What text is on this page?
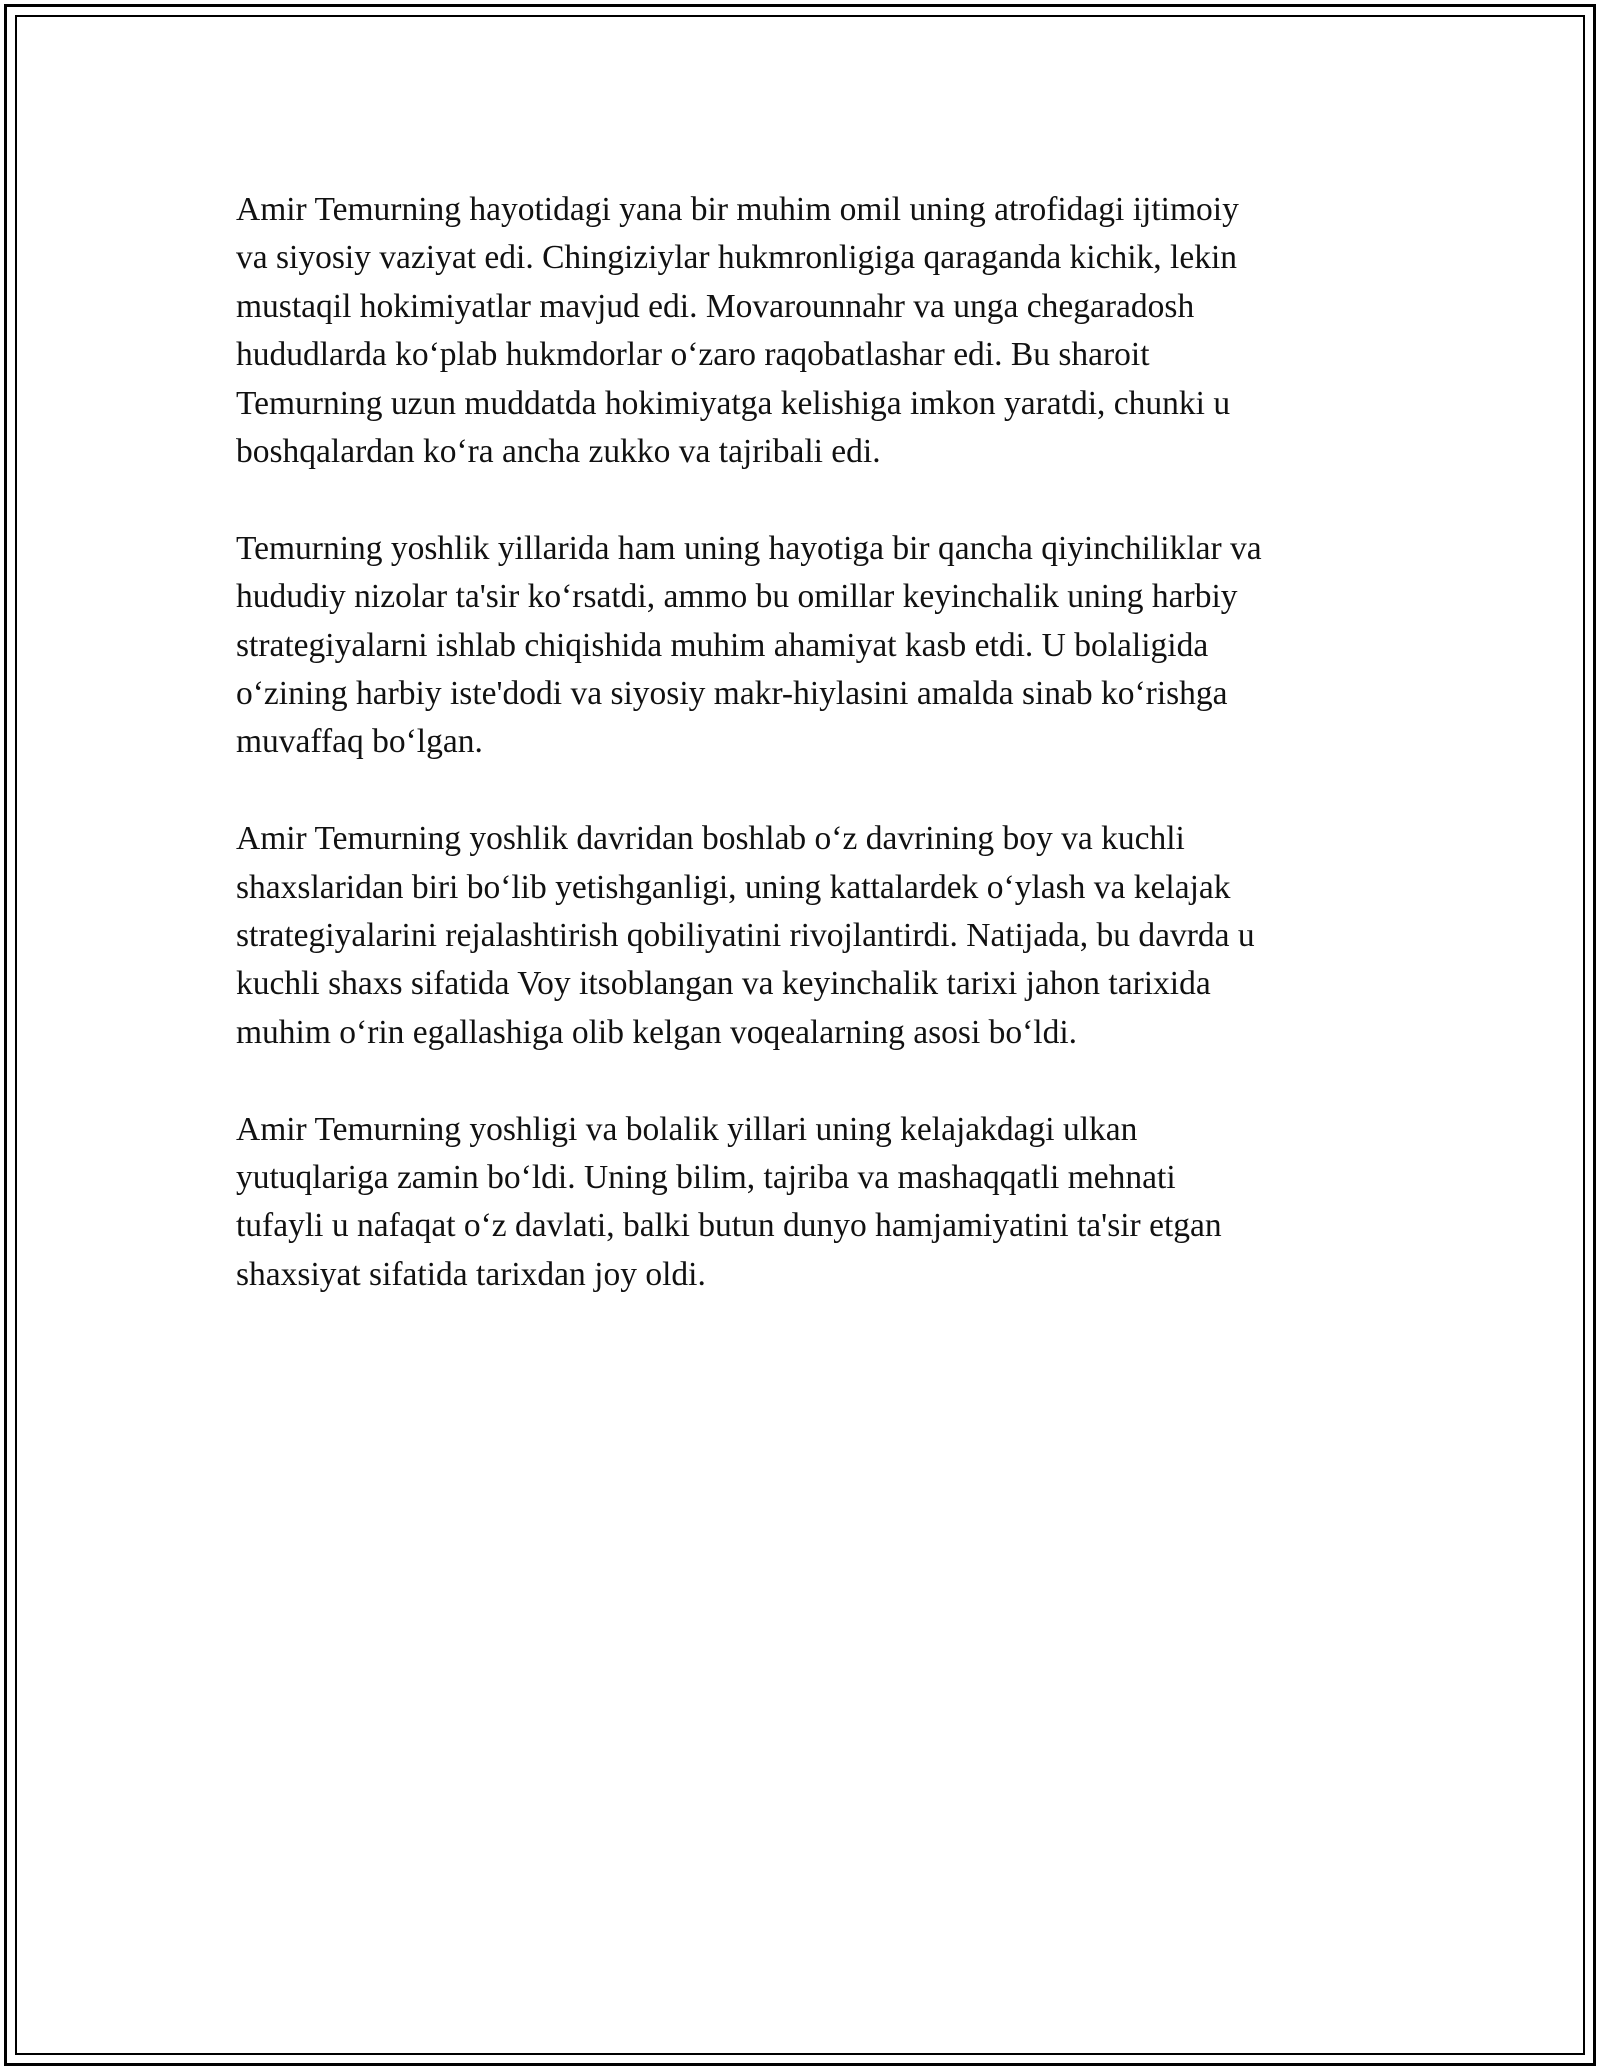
Amir Temurning hayotidagi yana bir muhim omil uning atrofidagi ijtimoiy
va siyosiy vaziyat edi. Chingiziylar hukmronligiga qaraganda kichik, lekin
mustaqil hokimiyatlar mavjud edi. Movarounnahr va unga chegaradosh
hududlarda ko‘plab hukmdorlar o‘zaro raqobatlashar edi. Bu sharoit
Temurning uzun muddatda hokimiyatga kelishiga imkon yaratdi, chunki u
boshqalardan ko‘ra ancha zukko va tajribali edi.

Temurning yoshlik yillarida ham uning hayotiga bir qancha qiyinchiliklar va
hududiy nizolar ta'sir ko‘rsatdi, ammo bu omillar keyinchalik uning harbiy
strategiyalarni ishlab chiqishida muhim ahamiyat kasb etdi. U bolaligida
o‘zining harbiy iste'dodi va siyosiy makr-hiylasini amalda sinab ko‘rishga
muvaffaq bo‘lgan.

Amir Temurning yoshlik davridan boshlab o‘z davrining boy va kuchli
shaxslaridan biri bo‘lib yetishganligi, uning kattalardek o‘ylash va kelajak
strategiyalarini rejalashtirish qobiliyatini rivojlantirdi. Natijada, bu davrda u
kuchli shaxs sifatida Voy itsoblangan va keyinchalik tarixi jahon tarixida
muhim o‘rin egallashiga olib kelgan voqealarning asosi bo‘ldi.

Amir Temurning yoshligi va bolalik yillari uning kelajakdagi ulkan
yutuqlariga zamin bo‘ldi. Uning bilim, tajriba va mashaqqatli mehnati
tufayli u nafaqat o‘z davlati, balki butun dunyo hamjamiyatini ta'sir etgan
shaxsiyat sifatida tarixdan joy oldi.
